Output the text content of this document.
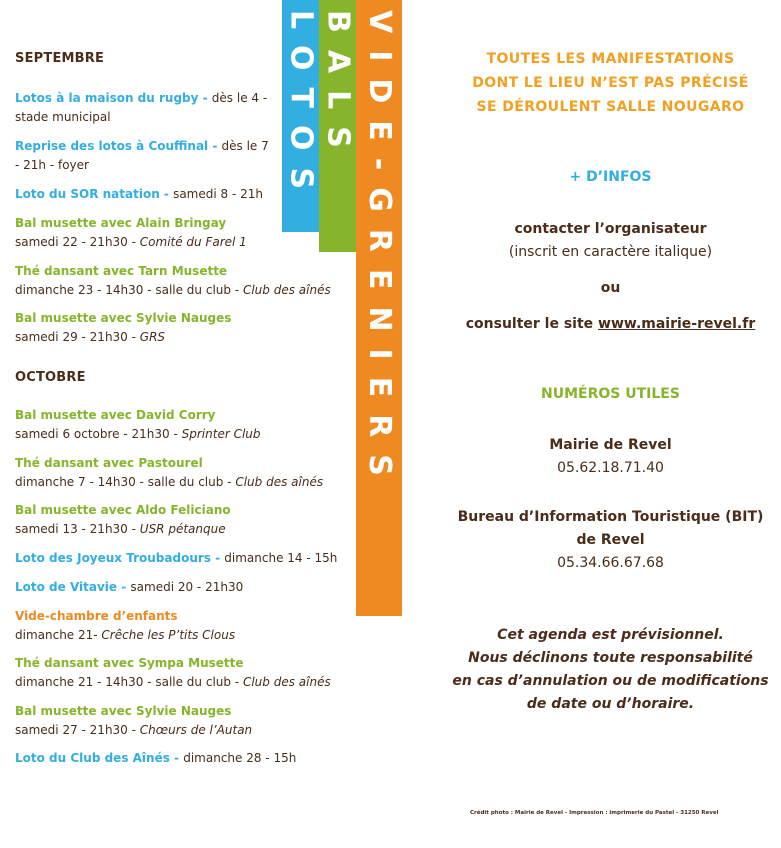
LOTOS BALS VIDE-GRENIERS
SEPTEMBRE
Lotos à la maison du rugby - dès le 4 - stade municipal
Reprise des lotos à Couffinal - dès le 7 - 21h - foyer
Loto du SOR natation - samedi 8 - 21h
Bal musette avec Alain Bringay
samedi 22 - 21h30 - Comité du Farel 1
Thé dansant avec Tarn Musette
dimanche 23 - 14h30 - salle du club - Club des aînés
Bal musette avec Sylvie Nauges
samedi 29 - 21h30 - GRS
OCTOBRE
Bal musette avec David Corry
samedi 6 octobre - 21h30 - Sprinter Club
Thé dansant avec Pastourel
dimanche 7 - 14h30 - salle du club - Club des aînés
Bal musette avec Aldo Feliciano
samedi 13 - 21h30 - USR pétanque
Loto des Joyeux Troubadours - dimanche 14 - 15h
Loto de Vitavie - samedi 20 - 21h30
Vide-chambre d’enfants
dimanche 21- Crêche les P’tits Clous
Thé dansant avec Sympa Musette
dimanche 21 - 14h30 - salle du club - Club des aînés
Bal musette avec Sylvie Nauges
samedi 27 - 21h30 - Chœurs de l’Autan
Loto du Club des Aînés - dimanche 28 - 15h
TOUTES LES MANIFESTATIONS
DONT LE LIEU N’EST PAS PRÉCISÉ
SE DÉROULENT SALLE NOUGARO
+ D’INFOS
contacter l’organisateur
(inscrit en caractère italique)
ou
consulter le site www.mairie-revel.fr
NUMÉROS UTILES
Mairie de Revel
05.62.18.71.40
Bureau d’Information Touristique (BIT)
de Revel
05.34.66.67.68
Cet agenda est prévisionnel.
Nous déclinons toute responsabilité
en cas d’annulation ou de modifications
de date ou d’horaire.
Crédit photo : Mairie de Revel - Impression : imprimerie du Pastel - 31250 Revel
